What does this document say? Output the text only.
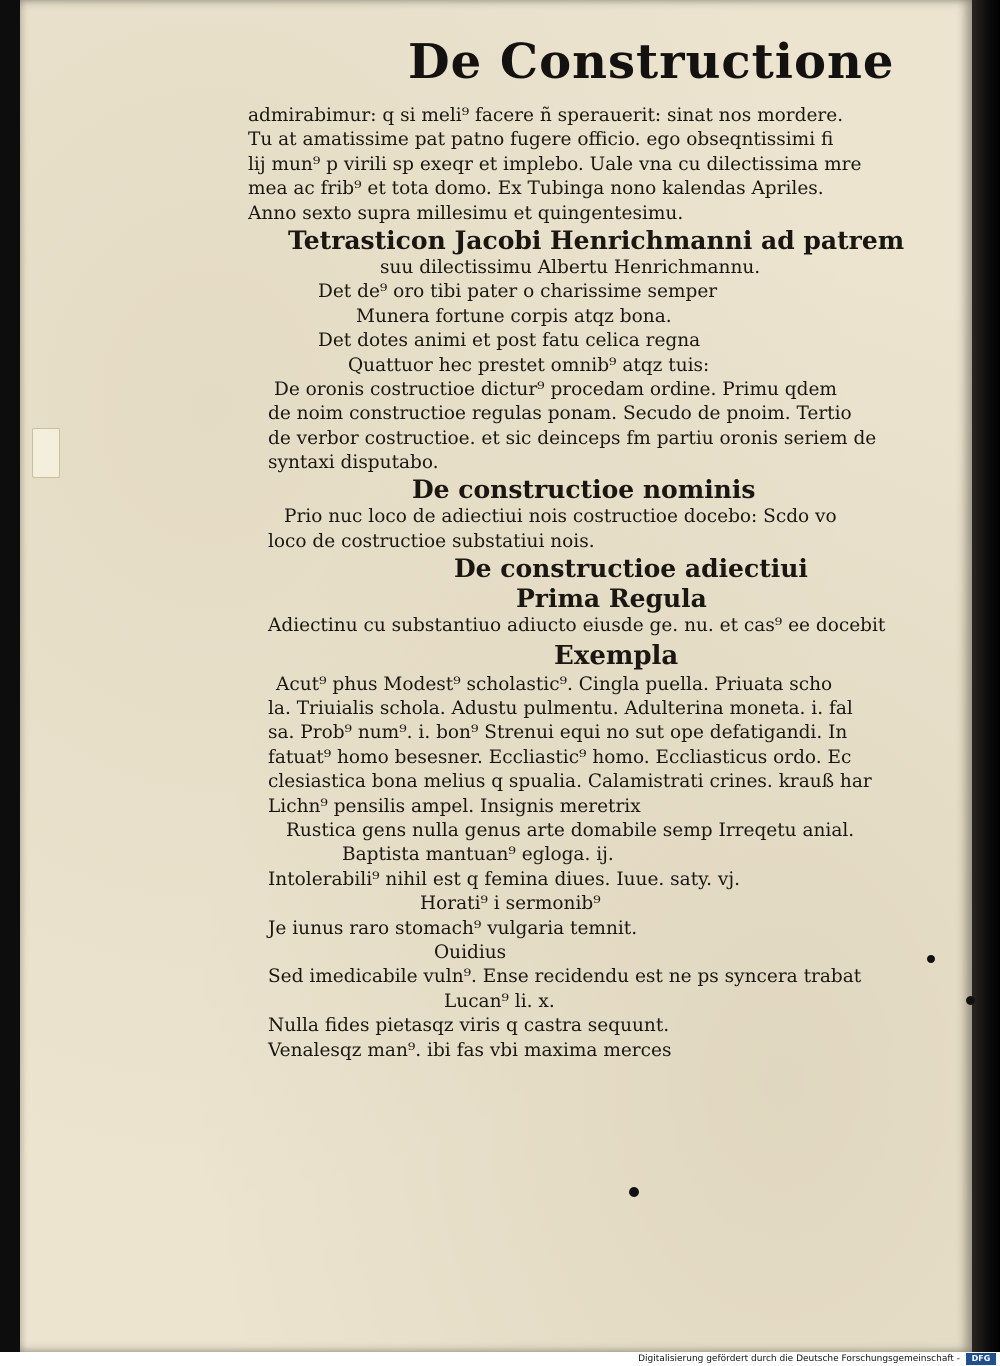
De Constructione
admirabimur: q si meli⁹ facere ñ sperauerit: sinat nos mordere.
Tu at amatissime pat patno fugere officio. ego obseqntissimi fi
lij mun⁹ p virili sp exeqr et implebo. Uale vna cu dilectissima mre
mea ac frib⁹ et tota domo. Ex Tubinga nono kalendas Apriles.
Anno sexto supra millesimu et quingentesimu.
Tetrasticon Jacobi Henrichmanni ad patrem
suu dilectissimu Albertu Henrichmannu.
Det de⁹ oro tibi pater o charissime semper
Munera fortune corpis atqz bona.
Det dotes animi et post fatu celica regna
Quattuor hec prestet omnib⁹ atqz tuis:
De oronis costructioe dictur⁹ procedam ordine. Primu qdem
de noim constructioe regulas ponam. Secudo de pnoim. Tertio
de verbor costructioe. et sic deinceps fm partiu oronis seriem de
syntaxi disputabo.
De constructioe nominis
Prio nuc loco de adiectiui nois costructioe docebo: Scdo vo
loco de costructioe substatiui nois.
De constructioe adiectiui
Prima Regula
Adiectinu cu substantiuo adiucto eiusde ge. nu. et cas⁹ ee docebit
Exempla
Acut⁹ phus Modest⁹ scholastic⁹. Cingla puella. Priuata scho
la. Triuialis schola. Adustu pulmentu. Adulterina moneta. i. fal
sa. Prob⁹ num⁹. i. bon⁹ Strenui equi no sut ope defatigandi. In
fatuat⁹ homo besesner. Eccliastic⁹ homo. Eccliasticus ordo. Ec
clesiastica bona melius q spualia. Calamistrati crines. krauß har
Lichn⁹ pensilis ampel. Insignis meretrix
Rustica gens nulla genus arte domabile semp Irreqetu anial.
Baptista mantuan⁹ egloga. ij.
Intolerabili⁹ nihil est q femina diues. Iuue. saty. vj.
Horati⁹ i sermonib⁹
Je iunus raro stomach⁹ vulgaria temnit.
Ouidius
Sed imedicabile vuln⁹. Ense recidendu est ne ps syncera trabat
Lucan⁹ li. x.
Nulla fides pietasqz viris q castra sequunt.
Venalesqz man⁹. ibi fas vbi maxima merces
Digitalisierung gefördert durch die Deutsche Forschungsgemeinschaft -	DFG
